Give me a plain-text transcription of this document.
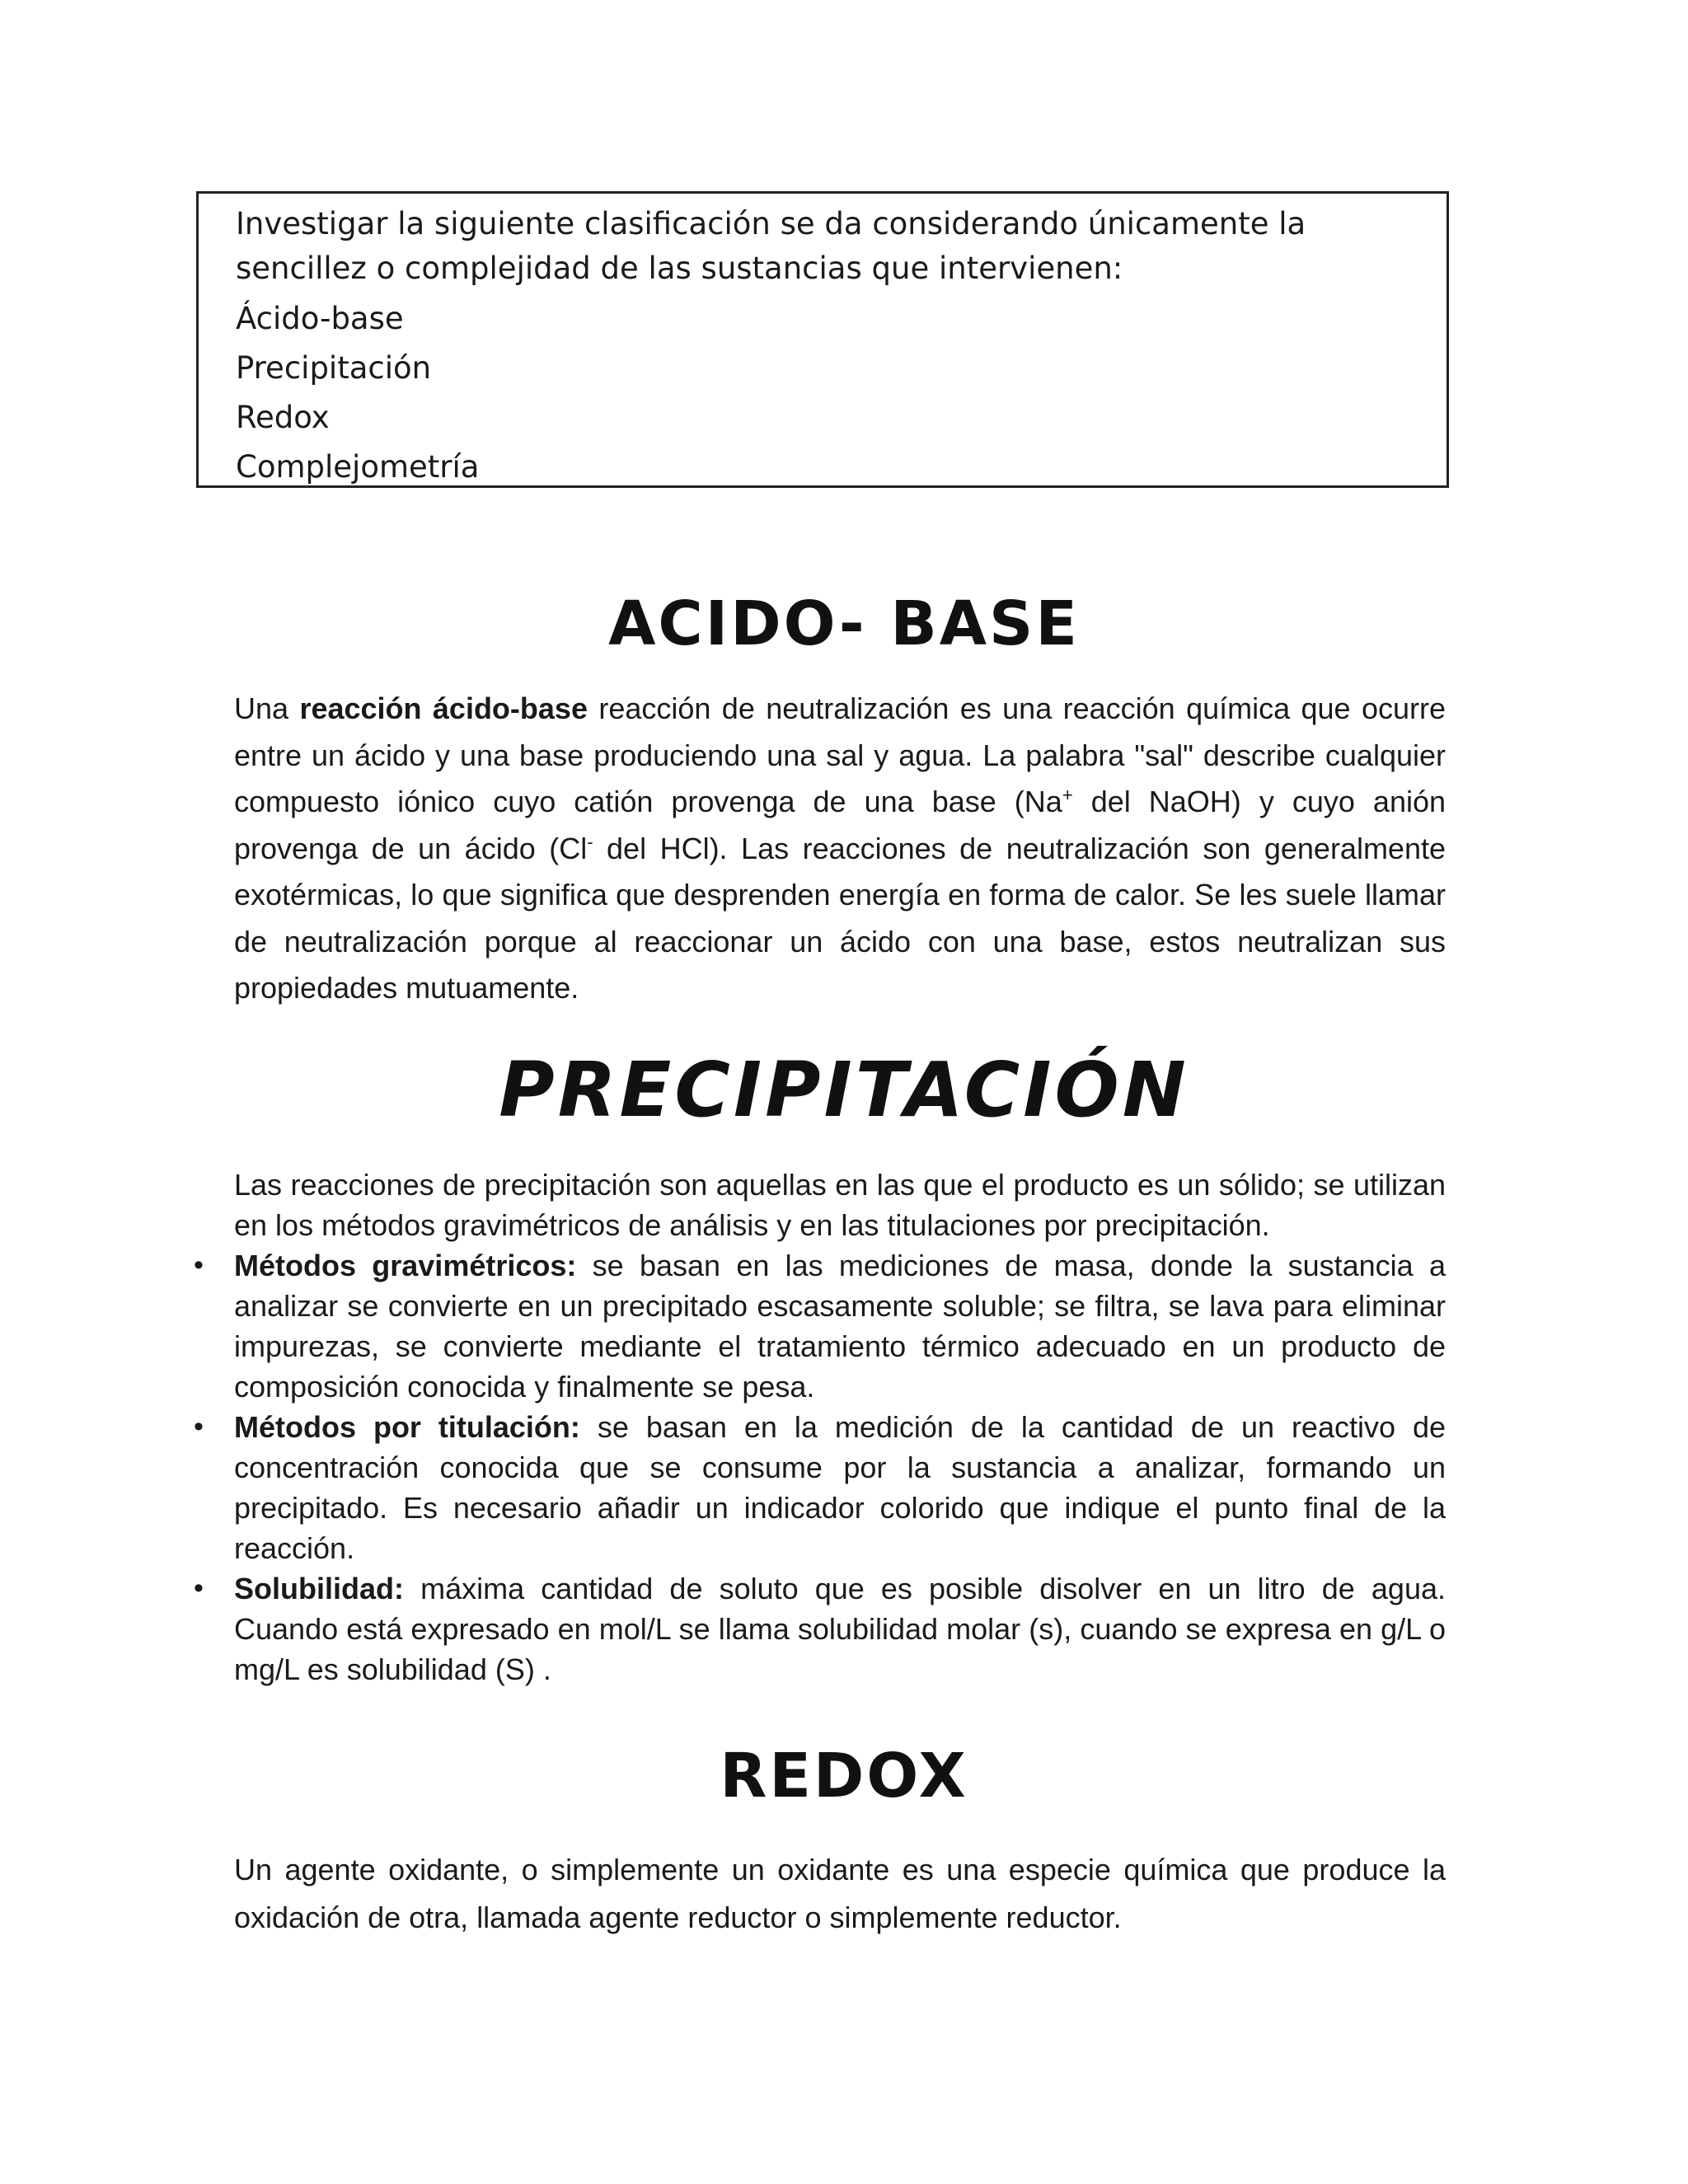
Investigar la siguiente clasificación se da considerando únicamente la sencillez o complejidad de las sustancias que intervienen:

Ácido-base
Precipitación
Redox
Complejometría
ACIDO- BASE

Una reacción ácido-base reacción de neutralización es una reacción química que ocurre entre un ácido y una base produciendo una sal y agua. La palabra "sal" describe cualquier compuesto iónico cuyo catión provenga de una base (Na+ del NaOH) y cuyo anión provenga de un ácido (Cl- del HCl). Las reacciones de neutralización son generalmente exotérmicas, lo que significa que desprenden energía en forma de calor. Se les suele llamar de neutralización porque al reaccionar un ácido con una base, estos neutralizan sus propiedades mutuamente.

PRECIPITACIÓN

Las reacciones de precipitación son aquellas en las que el producto es un sólido; se utilizan en los métodos gravimétricos de análisis y en las titulaciones por precipitación.

• Métodos gravimétricos: se basan en las mediciones de masa, donde la sustancia a analizar se convierte en un precipitado escasamente soluble; se filtra, se lava para eliminar impurezas, se convierte mediante el tratamiento térmico adecuado en un producto de composición conocida y finalmente se pesa.
• Métodos por titulación: se basan en la medición de la cantidad de un reactivo de concentración conocida que se consume por la sustancia a analizar, formando un precipitado. Es necesario añadir un indicador colorido que indique el punto final de la reacción.
• Solubilidad: máxima cantidad de soluto que es posible disolver en un litro de agua. Cuando está expresado en mol/L se llama solubilidad molar (s), cuando se expresa en g/L o mg/L es solubilidad (S) .
REDOX

Un agente oxidante, o simplemente un oxidante es una especie química que produce la oxidación de otra, llamada agente reductor o simplemente reductor.
